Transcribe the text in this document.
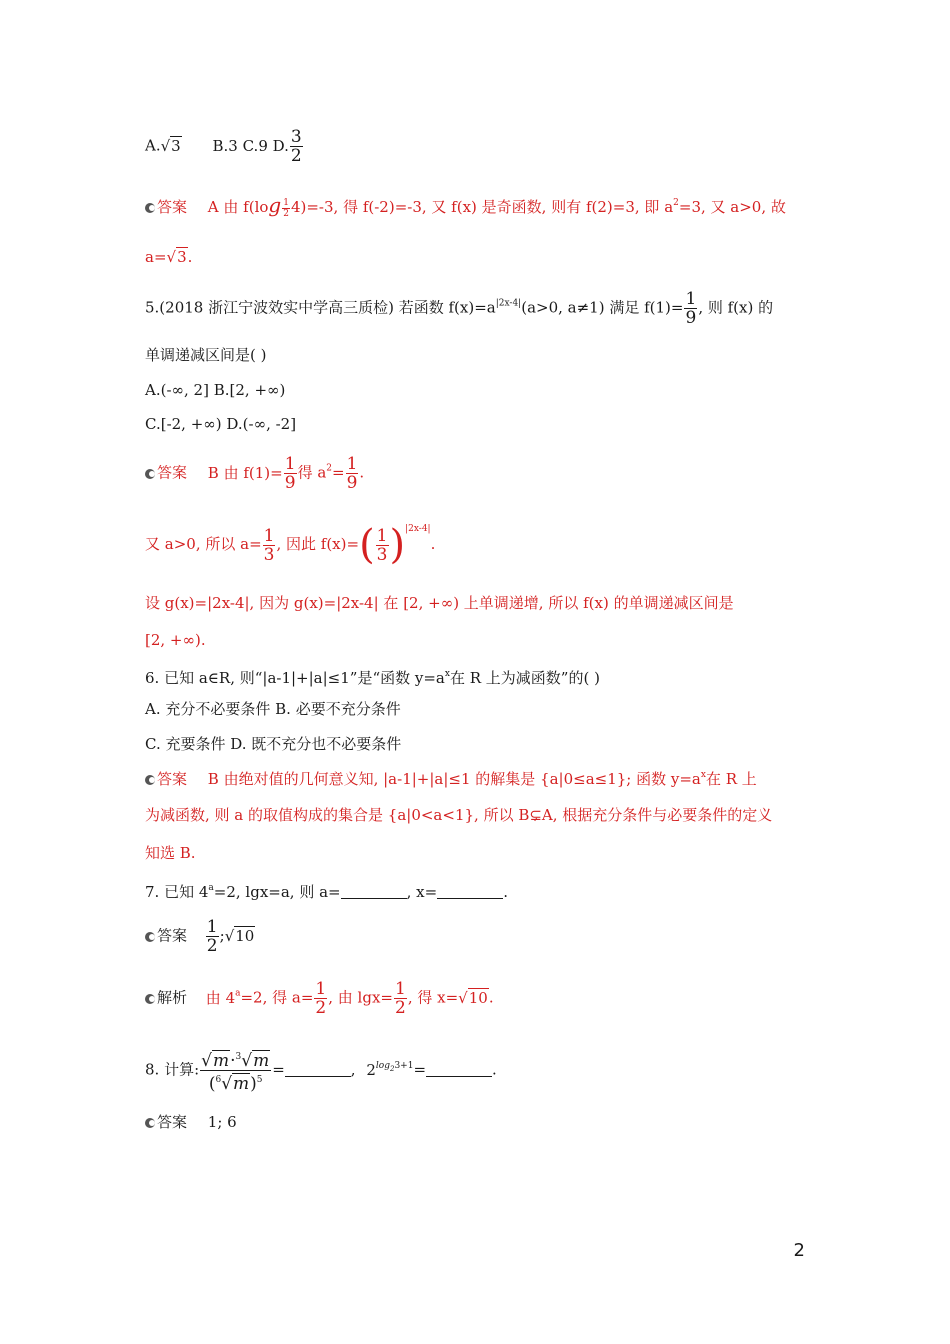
A.√3 B.3 C.9 D. $\frac{3}{2}$
答案 A 由 $f(\log \frac{1}{2} 4)=-3$, 得 f(-2)=-3, 又 f(x) 是奇函数, 则有 f(2)=3, 即 $a^2=3$, 又 a>0, 故
a=√3.
5.(2018 浙江宁波效实中学高三质检) 若函数 $f(x)=a^{|2x-4|}(a>0$, a≠1) 满足 $f(1)= \frac{1}{9}$ , 则 f(x) 的
单调递减区间是( )
A.(-∞, 2] B.[2, +∞)
C.[-2, +∞) D.(-∞, -2]
答案 B 由 $f(1)= \frac{1}{9}$ 得 $a^2= \frac{1}{9}$ .
又 a>0, 所以 $a= \frac{1}{3}$ , 因此 $f(x)=( \frac{1}{3} )^{|2x-4|}$.
设 g(x)=|2x-4|, 因为 g(x)=|2x-4| 在 [2, +∞) 上单调递增, 所以 f(x) 的单调递减区间是
[2, +∞).
6. 已知 a∈R, 则“|a-1|+|a|≤1”是“函数 $y=a^x$在 R 上为减函数”的( )
A. 充分不必要条件 B. 必要不充分条件
C. 充要条件 D. 既不充分也不必要条件
答案 B 由绝对值的几何意义知, |a-1|+|a|≤1 的解集是 {a|0≤a≤1}; 函数 $y=a^x$在 R 上
为减函数, 则 a 的取值构成的集合是 {a|0<a<1}, 所以 B⊊A, 根据充分条件与必要条件的定义
知选 B.
7. 已知 $4^a=2$, lgx=a, 则 a=	, x=	.
答案 $\frac{1}{2}$ ;√10
解析 由 $4^a=2$, 得 $a= \frac{1}{2}$ , 由 $\lg x= \frac{1}{2}$ , 得 x=√10.
8. 计算: $\frac{√m\cdot^3√m}{(^6√m)^5}$ =	, $2^{log_23+1}=$	.
答案 1; 6
2
